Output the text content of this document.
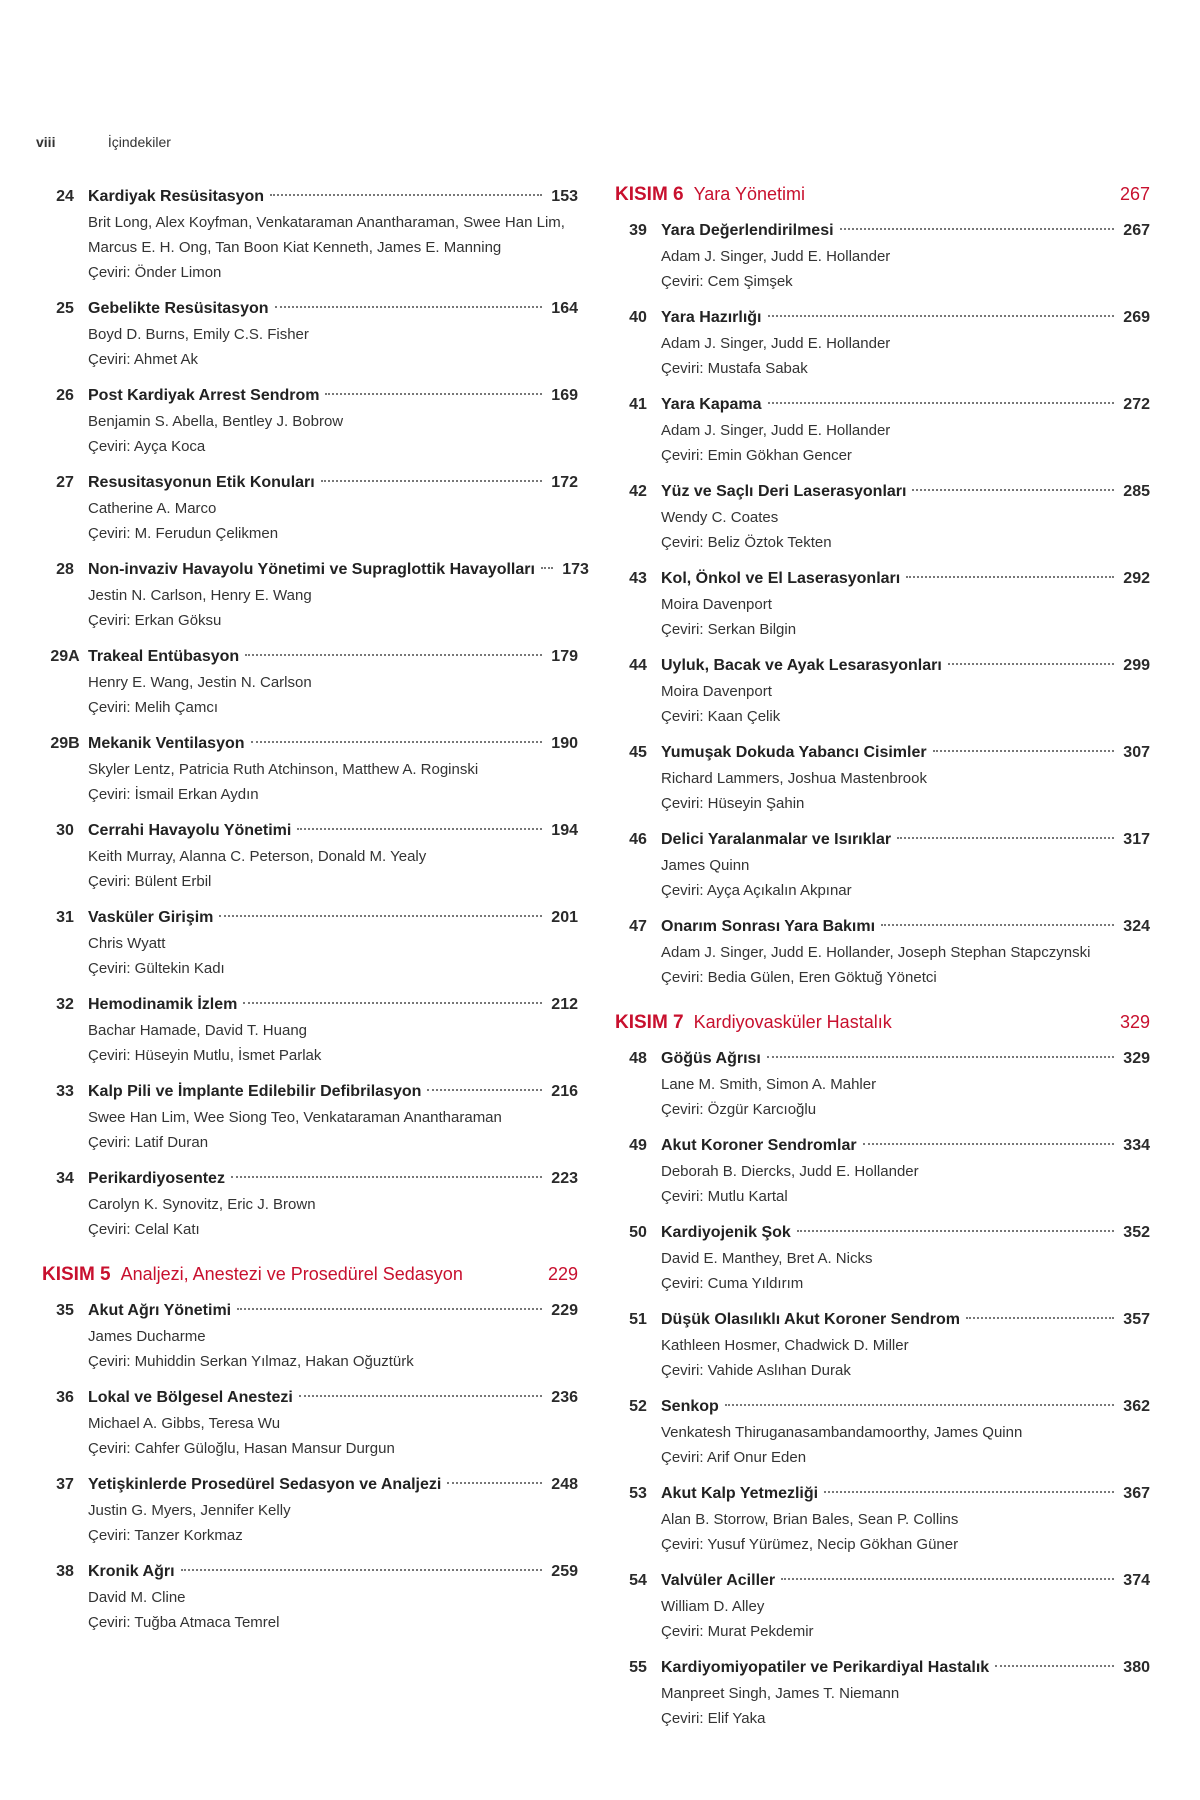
viii	İçindekiler
24 Kardiyak Resüsitasyon	153
Brit Long, Alex Koyfman, Venkataraman Anantharaman, Swee Han Lim,
Marcus E. H. Ong, Tan Boon Kiat Kenneth, James E. Manning
Çeviri: Önder Limon
25 Gebelikte Resüsitasyon	164
Boyd D. Burns, Emily C.S. Fisher
Çeviri: Ahmet Ak
26 Post Kardiyak Arrest Sendrom	169
Benjamin S. Abella, Bentley J. Bobrow
Çeviri: Ayça Koca
27 Resusitasyonun Etik Konuları	172
Catherine A. Marco
Çeviri: M. Ferudun Çelikmen
28 Non-invaziv Havayolu Yönetimi ve Supraglottik Havayolları 173
Jestin N. Carlson, Henry E. Wang
Çeviri: Erkan Göksu
29A Trakeal Entübasyon	179
Henry E. Wang, Jestin N. Carlson
Çeviri: Melih Çamcı
29B Mekanik Ventilasyon	190
Skyler Lentz, Patricia Ruth Atchinson, Matthew A. Roginski
Çeviri: İsmail Erkan Aydın
30 Cerrahi Havayolu Yönetimi	194
Keith Murray, Alanna C. Peterson, Donald M. Yealy
Çeviri: Bülent Erbil
31 Vasküler Girişim	201
Chris Wyatt
Çeviri: Gültekin Kadı
32 Hemodinamik İzlem	212
Bachar Hamade, David T. Huang
Çeviri: Hüseyin Mutlu, İsmet Parlak
33 Kalp Pili ve İmplante Edilebilir Defibrilasyon	216
Swee Han Lim, Wee Siong Teo, Venkataraman Anantharaman
Çeviri: Latif Duran
34 Perikardiyosentez	223
Carolyn K. Synovitz, Eric J. Brown
Çeviri: Celal Katı
KISIM 5 Analjezi, Anestezi ve Prosedürel Sedasyon	229
35 Akut Ağrı Yönetimi	229
James Ducharme
Çeviri: Muhiddin Serkan Yılmaz, Hakan Oğuztürk
36 Lokal ve Bölgesel Anestezi	236
Michael A. Gibbs, Teresa Wu
Çeviri: Cahfer Güloğlu, Hasan Mansur Durgun
37 Yetişkinlerde Prosedürel Sedasyon ve Analjezi	248
Justin G. Myers, Jennifer Kelly
Çeviri: Tanzer Korkmaz
38 Kronik Ağrı	259
David M. Cline
Çeviri: Tuğba Atmaca Temrel
KISIM 6 Yara Yönetimi	267
39 Yara Değerlendirilmesi	267
Adam J. Singer, Judd E. Hollander
Çeviri: Cem Şimşek
40 Yara Hazırlığı	269
Adam J. Singer, Judd E. Hollander
Çeviri: Mustafa Sabak
41 Yara Kapama	272
Adam J. Singer, Judd E. Hollander
Çeviri: Emin Gökhan Gencer
42 Yüz ve Saçlı Deri Laserasyonları	285
Wendy C. Coates
Çeviri: Beliz Öztok Tekten
43 Kol, Önkol ve El Laserasyonları	292
Moira Davenport
Çeviri: Serkan Bilgin
44 Uyluk, Bacak ve Ayak Lesarasyonları	299
Moira Davenport
Çeviri: Kaan Çelik
45 Yumuşak Dokuda Yabancı Cisimler	307
Richard Lammers, Joshua Mastenbrook
Çeviri: Hüseyin Şahin
46 Delici Yaralanmalar ve Isırıklar	317
James Quinn
Çeviri: Ayça Açıkalın Akpınar
47 Onarım Sonrası Yara Bakımı	324
Adam J. Singer, Judd E. Hollander, Joseph Stephan Stapczynski
Çeviri: Bedia Gülen, Eren Göktuğ Yönetci
KISIM 7 Kardiyovasküler Hastalık	329
48 Göğüs Ağrısı	329
Lane M. Smith, Simon A. Mahler
Çeviri: Özgür Karcıoğlu
49 Akut Koroner Sendromlar	334
Deborah B. Diercks, Judd E. Hollander
Çeviri: Mutlu Kartal
50 Kardiyojenik Şok	352
David E. Manthey, Bret A. Nicks
Çeviri: Cuma Yıldırım
51 Düşük Olasılıklı Akut Koroner Sendrom	357
Kathleen Hosmer, Chadwick D. Miller
Çeviri: Vahide Aslıhan Durak
52 Senkop	362
Venkatesh Thiruganasambandamoorthy, James Quinn
Çeviri: Arif Onur Eden
53 Akut Kalp Yetmezliği	367
Alan B. Storrow, Brian Bales, Sean P. Collins
Çeviri: Yusuf Yürümez, Necip Gökhan Güner
54 Valvüler Aciller	374
William D. Alley
Çeviri: Murat Pekdemir
55 Kardiyomiyopatiler ve Perikardiyal Hastalık	380
Manpreet Singh, James T. Niemann
Çeviri: Elif Yaka
